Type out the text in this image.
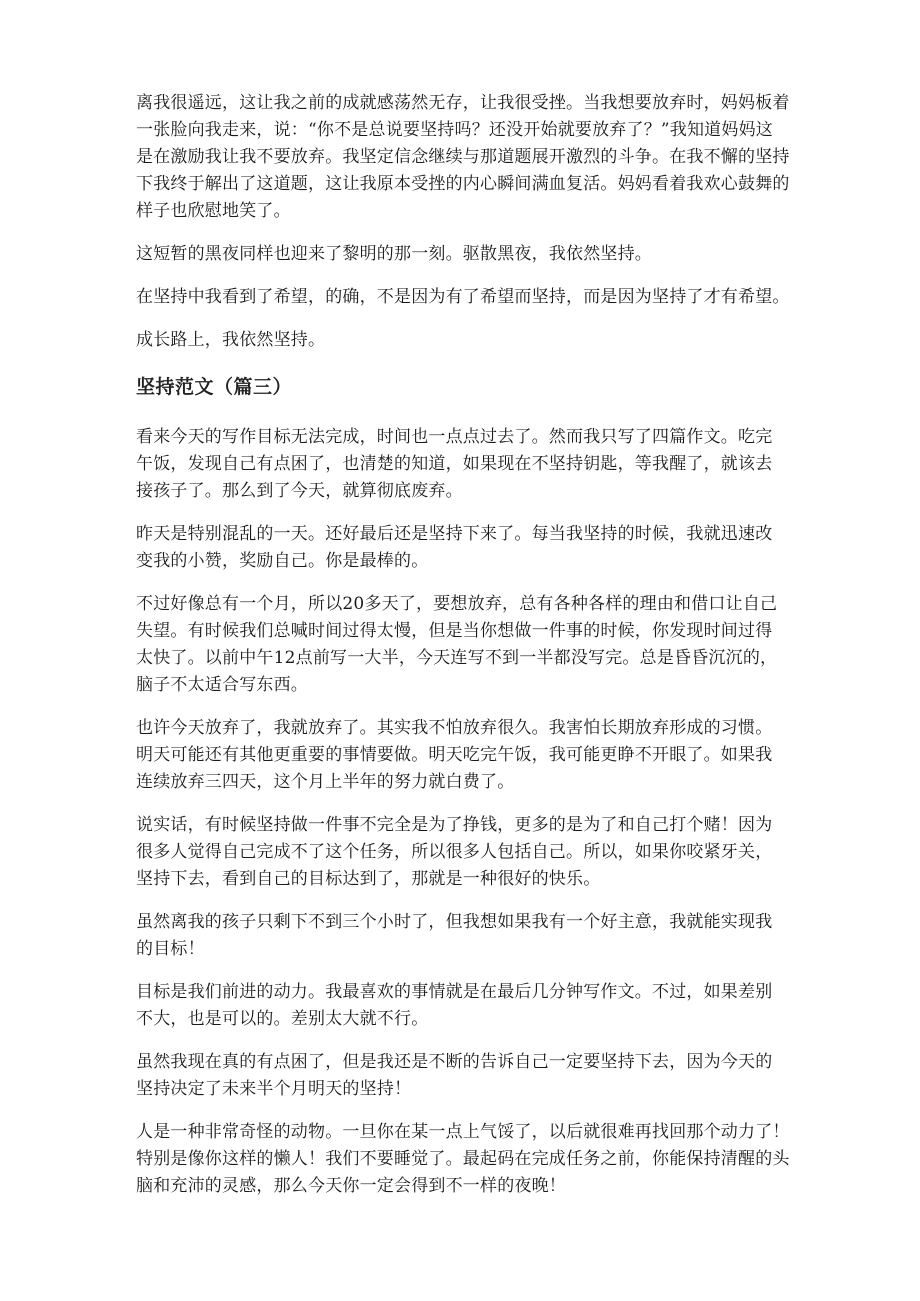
离我很遥远，这让我之前的成就感荡然无存，让我很受挫。当我想要放弃时，妈妈板着
一张脸向我走来，说：“你不是总说要坚持吗？还没开始就要放弃了？”我知道妈妈这
是在激励我让我不要放弃。我坚定信念继续与那道题展开激烈的斗争。在我不懈的坚持
下我终于解出了这道题，这让我原本受挫的内心瞬间满血复活。妈妈看着我欢心鼓舞的
样子也欣慰地笑了。

这短暂的黑夜同样也迎来了黎明的那一刻。驱散黑夜，我依然坚持。

在坚持中我看到了希望，的确，不是因为有了希望而坚持，而是因为坚持了才有希望。

成长路上，我依然坚持。

坚持范文（篇三）

看来今天的写作目标无法完成，时间也一点点过去了。然而我只写了四篇作文。吃完
午饭，发现自己有点困了，也清楚的知道，如果现在不坚持钥匙，等我醒了，就该去
接孩子了。那么到了今天，就算彻底废弃。

昨天是特别混乱的一天。还好最后还是坚持下来了。每当我坚持的时候，我就迅速改
变我的小赞，奖励自己。你是最棒的。

不过好像总有一个月，所以20多天了，要想放弃，总有各种各样的理由和借口让自己
失望。有时候我们总喊时间过得太慢，但是当你想做一件事的时候，你发现时间过得
太快了。以前中午12点前写一大半，今天连写不到一半都没写完。总是昏昏沉沉的，
脑子不太适合写东西。

也许今天放弃了，我就放弃了。其实我不怕放弃很久。我害怕长期放弃形成的习惯。
明天可能还有其他更重要的事情要做。明天吃完午饭，我可能更睁不开眼了。如果我
连续放弃三四天，这个月上半年的努力就白费了。

说实话，有时候坚持做一件事不完全是为了挣钱，更多的是为了和自己打个赌！因为
很多人觉得自己完成不了这个任务，所以很多人包括自己。所以，如果你咬紧牙关，
坚持下去，看到自己的目标达到了，那就是一种很好的快乐。

虽然离我的孩子只剩下不到三个小时了，但我想如果我有一个好主意，我就能实现我
的目标！

目标是我们前进的动力。我最喜欢的事情就是在最后几分钟写作文。不过，如果差别
不大，也是可以的。差别太大就不行。

虽然我现在真的有点困了，但是我还是不断的告诉自己一定要坚持下去，因为今天的
坚持决定了未来半个月明天的坚持！

人是一种非常奇怪的动物。一旦你在某一点上气馁了，以后就很难再找回那个动力了！
特别是像你这样的懒人！我们不要睡觉了。最起码在完成任务之前，你能保持清醒的头
脑和充沛的灵感，那么今天你一定会得到不一样的夜晚！
